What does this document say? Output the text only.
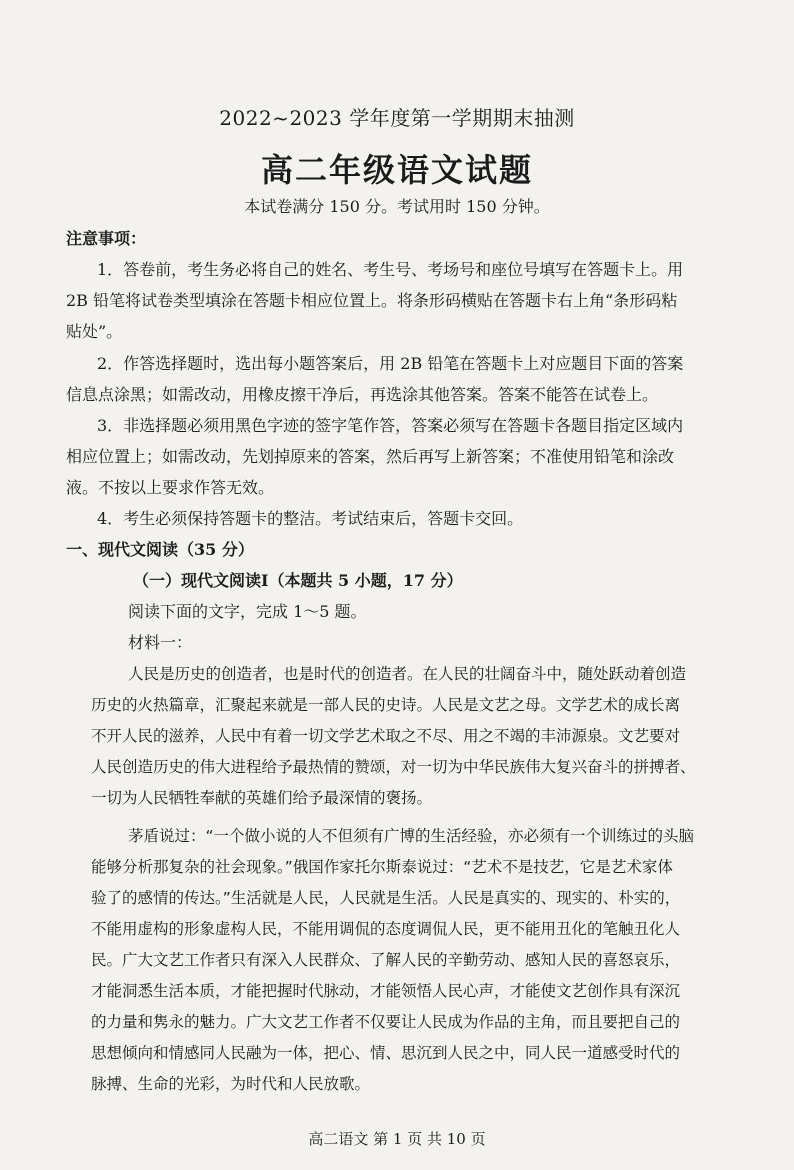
2022~2023 学年度第一学期期末抽测
高二年级语文试题
本试卷满分 150 分。考试用时 150 分钟。
注意事项：
1．答卷前，考生务必将自己的姓名、考生号、考场号和座位号填写在答题卡上。用
2B 铅笔将试卷类型填涂在答题卡相应位置上。将条形码横贴在答题卡右上角“条形码粘
贴处”。
2．作答选择题时，选出每小题答案后，用 2B 铅笔在答题卡上对应题目下面的答案
信息点涂黑；如需改动，用橡皮擦干净后，再选涂其他答案。答案不能答在试卷上。
3．非选择题必须用黑色字迹的签字笔作答，答案必须写在答题卡各题目指定区域内
相应位置上；如需改动，先划掉原来的答案，然后再写上新答案；不准使用铅笔和涂改
液。不按以上要求作答无效。
4．考生必须保持答题卡的整洁。考试结束后，答题卡交回。
一、现代文阅读（35 分）
（一）现代文阅读Ⅰ（本题共 5 小题，17 分）
阅读下面的文字，完成 1～5 题。
材料一：
人民是历史的创造者，也是时代的创造者。在人民的壮阔奋斗中，随处跃动着创造
历史的火热篇章，汇聚起来就是一部人民的史诗。人民是文艺之母。文学艺术的成长离
不开人民的滋养，人民中有着一切文学艺术取之不尽、用之不竭的丰沛源泉。文艺要对
人民创造历史的伟大进程给予最热情的赞颂，对一切为中华民族伟大复兴奋斗的拼搏者、
一切为人民牺牲奉献的英雄们给予最深情的褒扬。
茅盾说过：“一个做小说的人不但须有广博的生活经验，亦必须有一个训练过的头脑
能够分析那复杂的社会现象。”俄国作家托尔斯泰说过：“艺术不是技艺，它是艺术家体
验了的感情的传达。”生活就是人民，人民就是生活。人民是真实的、现实的、朴实的，
不能用虚构的形象虚构人民，不能用调侃的态度调侃人民，更不能用丑化的笔触丑化人
民。广大文艺工作者只有深入人民群众、了解人民的辛勤劳动、感知人民的喜怒哀乐，
才能洞悉生活本质，才能把握时代脉动，才能领悟人民心声，才能使文艺创作具有深沉
的力量和隽永的魅力。广大文艺工作者不仅要让人民成为作品的主角，而且要把自己的
思想倾向和情感同人民融为一体，把心、情、思沉到人民之中，同人民一道感受时代的
脉搏、生命的光彩，为时代和人民放歌。
高二语文 第 1 页 共 10 页
